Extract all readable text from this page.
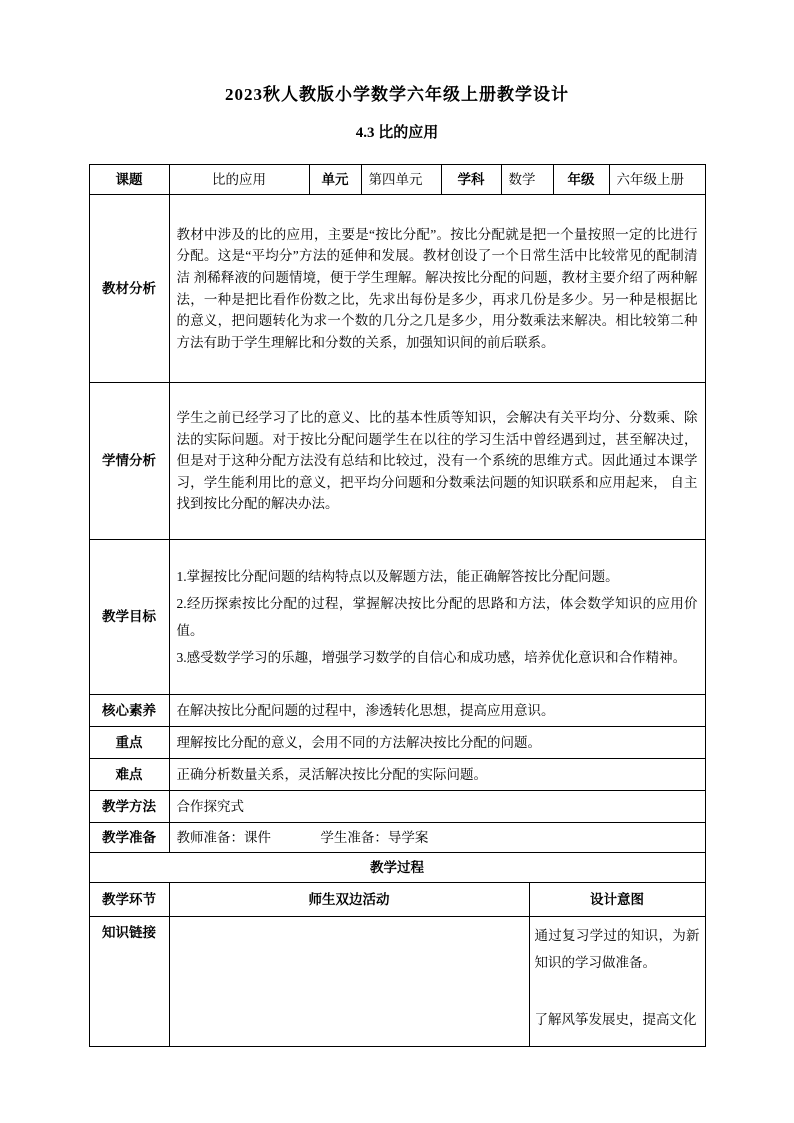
2023秋人教版小学数学六年级上册教学设计
4.3 比的应用
课题	比的应用	单元	第四单元	学科	数学		年级	六年级上册
教材分析	教材中涉及的比的应用，主要是“按比分配”。按比分配就是把一个量按照一定的比进行分配。这是“平均分”方法的延伸和发展。教材创设了一个日常生活中比较常见的配制清洁 剂稀释液的问题情境，便于学生理解。解决按比分配的问题，教材主要介绍了两种解法，一种是把比看作份数之比，先求出每份是多少，再求几份是多少。另一种是根据比的意义，把问题转化为求一个数的几分之几是多少，用分数乘法来解决。相比较第二种方法有助于学生理解比和分数的关系，加强知识间的前后联系。							
学情分析	学生之前已经学习了比的意义、比的基本性质等知识，会解决有关平均分、分数乘、除 法的实际问题。对于按比分配问题学生在以往的学习生活中曾经遇到过，甚至解决过，但是对于这种分配方法没有总结和比较过，没有一个系统的思维方式。因此通过本课学习，学生能利用比的意义，把平均分问题和分数乘法问题的知识联系和应用起来， 自主找到按比分配的解决办法。							
教学目标	1.掌握按比分配问题的结构特点以及解题方法，能正确解答按比分配问题。
2.经历探索按比分配的过程，掌握解决按比分配的思路和方法，体会数学知识的应用价值。
3.感受数学学习的乐趣，增强学习数学的自信心和成功感，培养优化意识和合作精神。							

核心素养	在解决按比分配问题的过程中，渗透转化思想，提高应用意识。							
重点	理解按比分配的意义，会用不同的方法解决按比分配的问题。							
难点	正确分析数量关系，灵活解决按比分配的实际问题。							
教学方法	合作探究式							
教学准备	教师准备：课件 学生准备：导学案							
教学过程								
教学环节	师生双边活动					设计意图		
知识链接						通过复习学过的知识，为新知识的学习做准备。
了解风筝发展史，提高文化		
